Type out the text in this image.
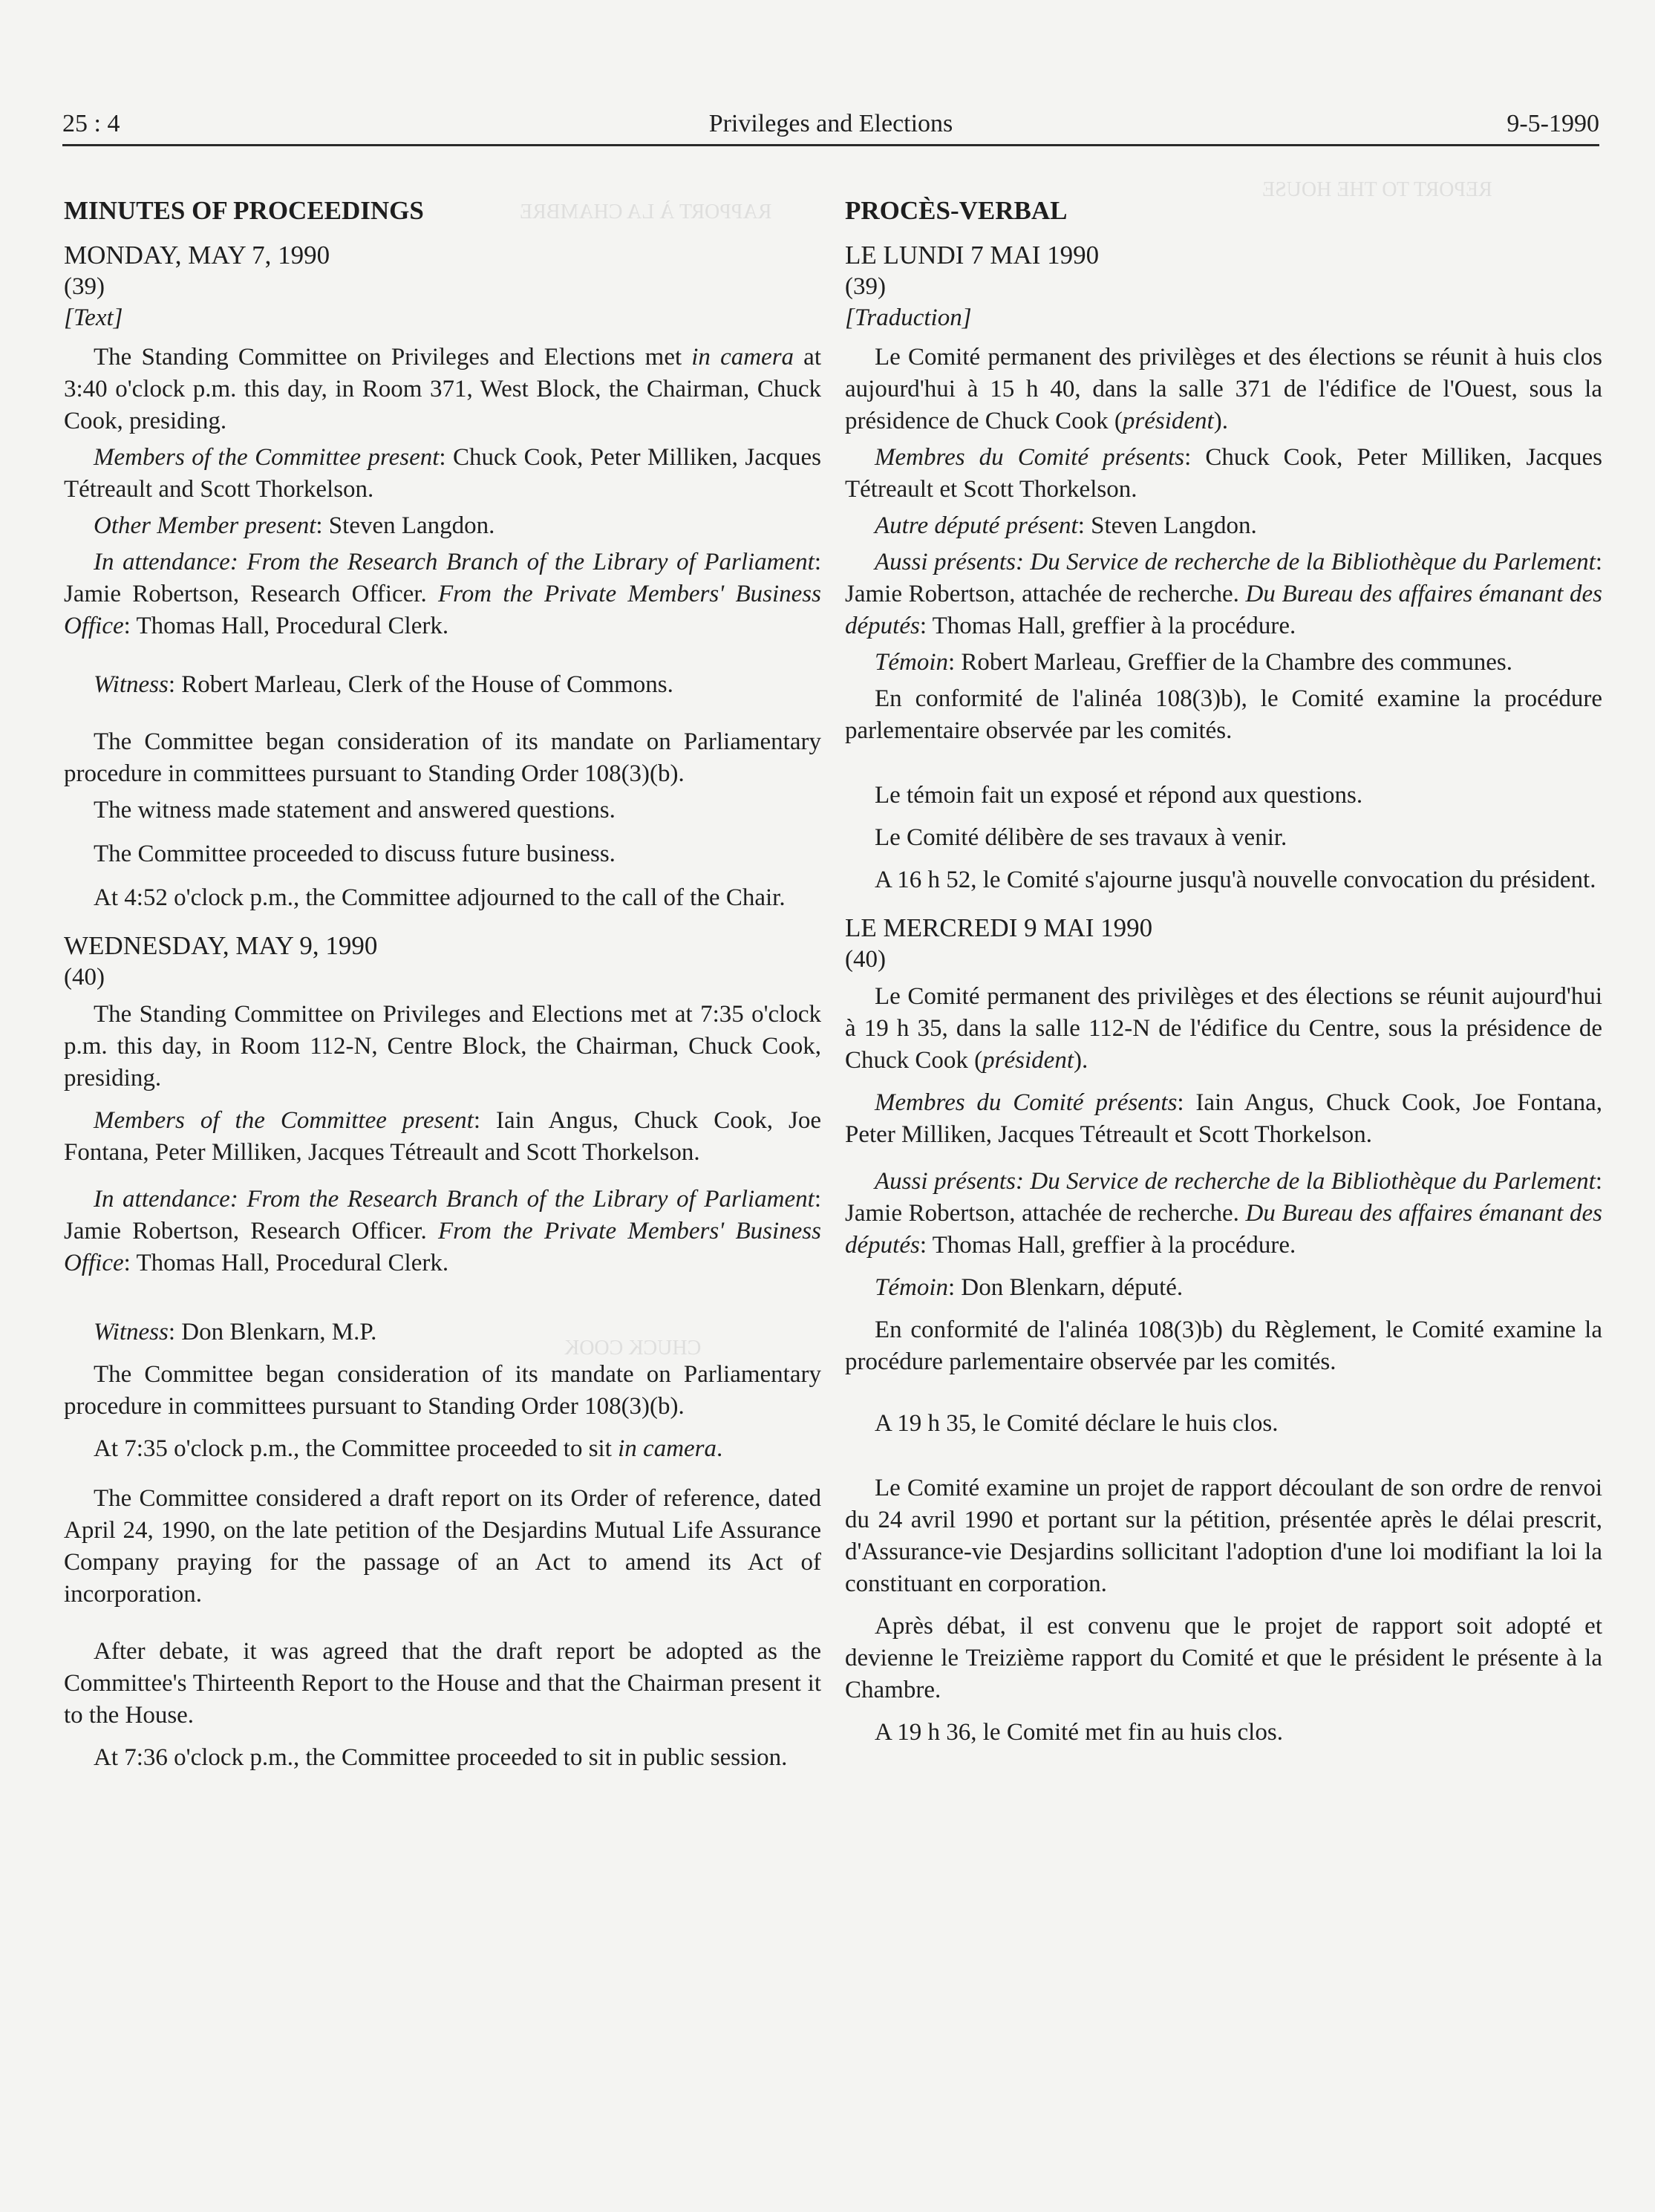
REPORT TO THE HOUSE
RAPPORT À LA CHAMBRE
CHUCK COOK
25 : 4	Privileges and Elections	9-5-1990
MINUTES OF PROCEEDINGS
MONDAY, MAY 7, 1990
(39)
[Text]

The Standing Committee on Privileges and Elections met in camera at 3:40 o'clock p.m. this day, in Room 371, West Block, the Chairman, Chuck Cook, presiding.

Members of the Committee present: Chuck Cook, Peter Milliken, Jacques Tétreault and Scott Thorkelson.

Other Member present: Steven Langdon.

In attendance: From the Research Branch of the Library of Parliament: Jamie Robertson, Research Officer. From the Private Members' Business Office: Thomas Hall, Procedural Clerk.

Witness: Robert Marleau, Clerk of the House of Commons.

The Committee began consideration of its mandate on Parliamentary procedure in committees pursuant to Standing Order 108(3)(b).

The witness made statement and answered questions.

The Committee proceeded to discuss future business.

At 4:52 o'clock p.m., the Committee adjourned to the call of the Chair.

WEDNESDAY, MAY 9, 1990
(40)

The Standing Committee on Privileges and Elections met at 7:35 o'clock p.m. this day, in Room 112-N, Centre Block, the Chairman, Chuck Cook, presiding.

Members of the Committee present: Iain Angus, Chuck Cook, Joe Fontana, Peter Milliken, Jacques Tétreault and Scott Thorkelson.

In attendance: From the Research Branch of the Library of Parliament: Jamie Robertson, Research Officer. From the Private Members' Business Office: Thomas Hall, Procedural Clerk.

Witness: Don Blenkarn, M.P.

The Committee began consideration of its mandate on Parliamentary procedure in committees pursuant to Standing Order 108(3)(b).

At 7:35 o'clock p.m., the Committee proceeded to sit in camera.

The Committee considered a draft report on its Order of reference, dated April 24, 1990, on the late petition of the Desjardins Mutual Life Assurance Company praying for the passage of an Act to amend its Act of incorporation.

After debate, it was agreed that the draft report be adopted as the Committee's Thirteenth Report to the House and that the Chairman present it to the House.

At 7:36 o'clock p.m., the Committee proceeded to sit in public session.

PROCÈS-VERBAL
LE LUNDI 7 MAI 1990
(39)
[Traduction]

Le Comité permanent des privilèges et des élections se réunit à huis clos aujourd'hui à 15 h 40, dans la salle 371 de l'édifice de l'Ouest, sous la présidence de Chuck Cook (président).

Membres du Comité présents: Chuck Cook, Peter Milliken, Jacques Tétreault et Scott Thorkelson.

Autre député présent: Steven Langdon.

Aussi présents: Du Service de recherche de la Bibliothèque du Parlement: Jamie Robertson, attachée de recherche. Du Bureau des affaires émanant des députés: Thomas Hall, greffier à la procédure.

Témoin: Robert Marleau, Greffier de la Chambre des communes.

En conformité de l'alinéa 108(3)b), le Comité examine la procédure parlementaire observée par les comités.

Le témoin fait un exposé et répond aux questions.

Le Comité délibère de ses travaux à venir.

A 16 h 52, le Comité s'ajourne jusqu'à nouvelle convocation du président.

LE MERCREDI 9 MAI 1990
(40)

Le Comité permanent des privilèges et des élections se réunit aujourd'hui à 19 h 35, dans la salle 112-N de l'édifice du Centre, sous la présidence de Chuck Cook (président).

Membres du Comité présents: Iain Angus, Chuck Cook, Joe Fontana, Peter Milliken, Jacques Tétreault et Scott Thorkelson.

Aussi présents: Du Service de recherche de la Bibliothèque du Parlement: Jamie Robertson, attachée de recherche. Du Bureau des affaires émanant des députés: Thomas Hall, greffier à la procédure.

Témoin: Don Blenkarn, député.

En conformité de l'alinéa 108(3)b) du Règlement, le Comité examine la procédure parlementaire observée par les comités.

A 19 h 35, le Comité déclare le huis clos.

Le Comité examine un projet de rapport découlant de son ordre de renvoi du 24 avril 1990 et portant sur la pétition, présentée après le délai prescrit, d'Assurance-vie Desjardins sollicitant l'adoption d'une loi modifiant la loi la constituant en corporation.

Après débat, il est convenu que le projet de rapport soit adopté et devienne le Treizième rapport du Comité et que le président le présente à la Chambre.

A 19 h 36, le Comité met fin au huis clos.
